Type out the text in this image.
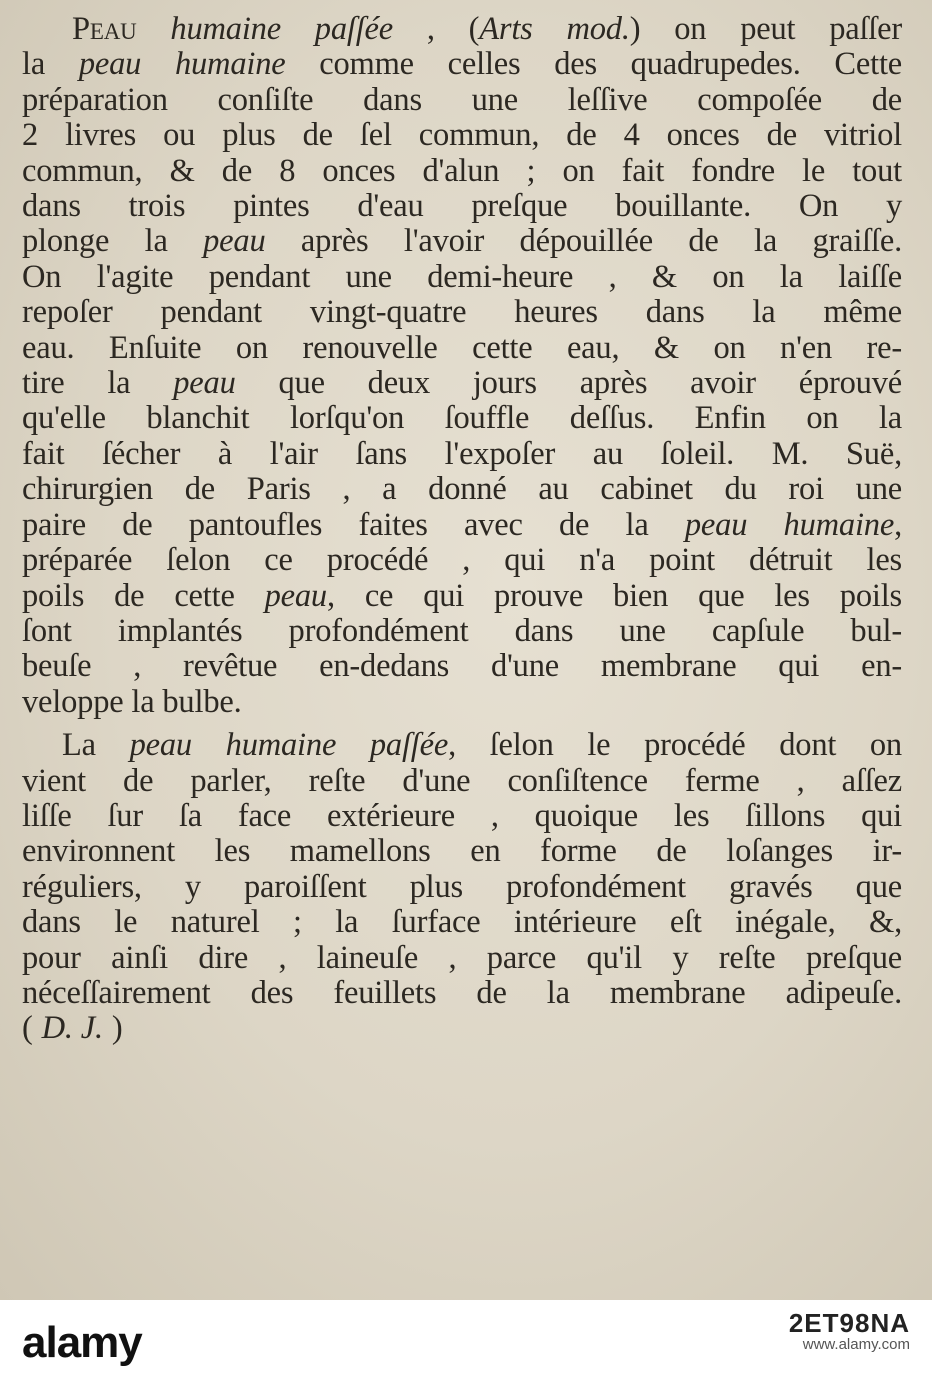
Peau humaine paſſée , (Arts mod.) on peut paſſer
la peau humaine comme celles des quadrupedes. Cette
préparation conſiſte dans une leſſive compoſée de
2 livres ou plus de ſel commun, de 4 onces de vitriol
commun, & de 8 onces d'alun ; on fait fondre le tout
dans trois pintes d'eau preſque bouillante. On y
plonge la peau après l'avoir dépouillée de la graiſſe.
On l'agite pendant une demi-heure , & on la laiſſe
repoſer pendant vingt-quatre heures dans la même
eau. Enſuite on renouvelle cette eau, & on n'en re-
tire la peau que deux jours après avoir éprouvé
qu'elle blanchit lorſqu'on ſouffle deſſus. Enfin on la
fait ſécher à l'air ſans l'expoſer au ſoleil. M. Suë,
chirurgien de Paris , a donné au cabinet du roi une
paire de pantoufles faites avec de la peau humaine,
préparée ſelon ce procédé , qui n'a point détruit les
poils de cette peau, ce qui prouve bien que les poils
ſont implantés profondément dans une capſule bul-
beuſe , revêtue en-dedans d'une membrane qui en-
veloppe la bulbe.
La peau humaine paſſée, ſelon le procédé dont on
vient de parler, reſte d'une conſiſtence ferme , aſſez
liſſe ſur ſa face extérieure , quoique les ſillons qui
environnent les mamellons en forme de loſanges ir-
réguliers, y paroiſſent plus profondément gravés que
dans le naturel ; la ſurface intérieure eſt inégale, &,
pour ainſi dire , laineuſe , parce qu'il y reſte preſque
néceſſairement des feuillets de la membrane adipeuſe.
( D. J. )
alamy	2ET98NA
www.alamy.com
